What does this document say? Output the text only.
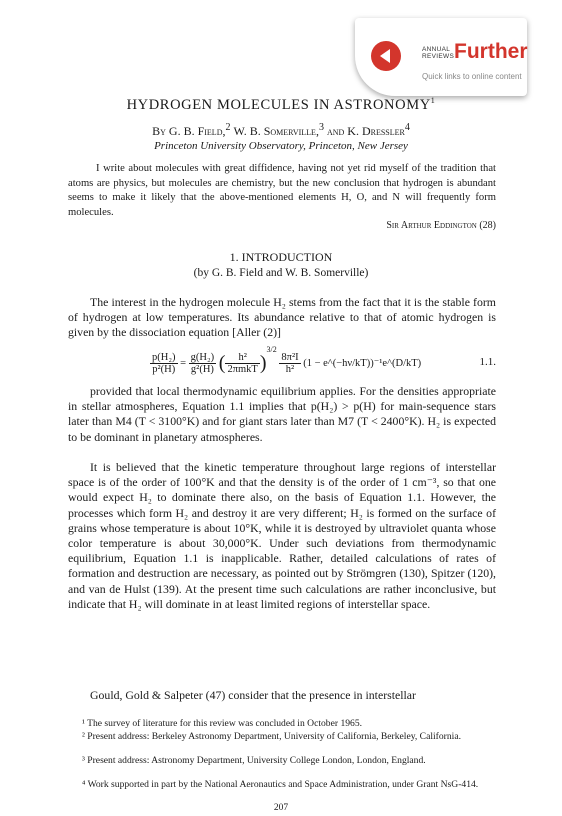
ANNUAL
REVIEWS Further
Quick links to online content
HYDROGEN MOLECULES IN ASTRONOMY$^1$
By G. B. Field,$^2$ W. B. Somerville,$^3$ and K. Dressler$^4$
Princeton University Observatory, Princeton, New Jersey
I write about molecules with great diffidence, having not yet rid myself of the tradition that atoms are physics, but molecules are chemistry, but the new conclusion that hydrogen is abundant seems to make it likely that the above-mentioned elements H, O, and N will frequently form molecules.
Sir Arthur Eddington (28)
1. INTRODUCTION
(by G. B. Field and W. B. Somerville)
The interest in the hydrogen molecule H₂ stems from the fact that it is the stable form of hydrogen at low temperatures. Its abundance relative to that of atomic hydrogen is given by the dissociation equation [Aller (2)]
$\frac{\text{p(H₂)}}{\text{p²(H)}} = \frac{\text{g(H₂)}}{\text{g²(H)}}$ ( $\frac{\text{h²}}{\text{2πmkT}} )^{3/2}$
$\frac{\text{8π²I}}{\text{h²}} (1$ − e^(−hν/kT))⁻¹e^(D/kT)	1.1.
provided that local thermodynamic equilibrium applies. For the densities appropriate in stellar atmospheres, Equation 1.1 implies that p(H₂) > p(H) for main-sequence stars later than M4 (T < 3100°K) and for giant stars later than M7 (T < 2400°K). H₂ is expected to be dominant in planetary atmospheres.
It is believed that the kinetic temperature throughout large regions of interstellar space is of the order of 100°K and that the density is of the order of 1 cm⁻³, so that one would expect H₂ to dominate there also, on the basis of Equation 1.1. However, the processes which form H₂ and destroy it are very different; H₂ is formed on the surface of grains whose temperature is about 10°K, while it is destroyed by ultraviolet quanta whose color temperature is about 30,000°K. Under such deviations from thermodynamic equilibrium, Equation 1.1 is inapplicable. Rather, detailed calculations of rates of formation and destruction are necessary, as pointed out by Strömgren (130), Spitzer (120), and van de Hulst (139). At the present time such calculations are rather inconclusive, but indicate that H₂ will dominate in at least limited regions of interstellar space.
Gould, Gold & Salpeter (47) consider that the presence in interstellar
¹ The survey of literature for this review was concluded in October 1965.
² Present address: Berkeley Astronomy Department, University of California, Berkeley, California.
³ Present address: Astronomy Department, University College London, London, England.
⁴ Work supported in part by the National Aeronautics and Space Administration, under Grant NsG-414.
207
